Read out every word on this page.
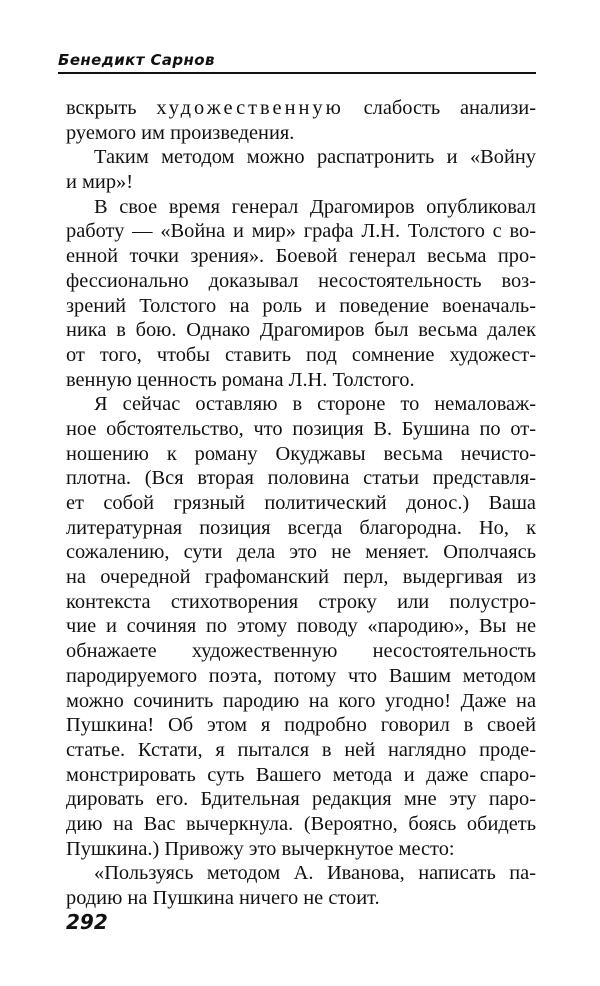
Бенедикт Сарнов
вскрыть художественную слабость анализи-
руемого им произведения.
Таким методом можно распатронить и «Войну
и мир»!
В свое время генерал Драгомиров опубликовал
работу — «Война и мир» графа Л.Н. Толстого с во-
енной точки зрения». Боевой генерал весьма про-
фессионально доказывал несостоятельность воз-
зрений Толстого на роль и поведение военачаль-
ника в бою. Однако Драгомиров был весьма далек
от того, чтобы ставить под сомнение художест-
венную ценность романа Л.Н. Толстого.
Я сейчас оставляю в стороне то немаловаж-
ное обстоятельство, что позиция В. Бушина по от-
ношению к роману Окуджавы весьма нечисто-
плотна. (Вся вторая половина статьи представля-
ет собой грязный политический донос.) Ваша
литературная позиция всегда благородна. Но, к
сожалению, сути дела это не меняет. Ополчаясь
на очередной графоманский перл, выдергивая из
контекста стихотворения строку или полустро-
чие и сочиняя по этому поводу «пародию», Вы не
обнажаете художественную несостоятельность
пародируемого поэта, потому что Вашим методом
можно сочинить пародию на кого угодно! Даже на
Пушкина! Об этом я подробно говорил в своей
статье. Кстати, я пытался в ней наглядно проде-
монстрировать суть Вашего метода и даже спаро-
дировать его. Бдительная редакция мне эту паро-
дию на Вас вычеркнула. (Вероятно, боясь обидеть
Пушкина.) Привожу это вычеркнутое место:
«Пользуясь методом А. Иванова, написать па-
родию на Пушкина ничего не стоит.
292
